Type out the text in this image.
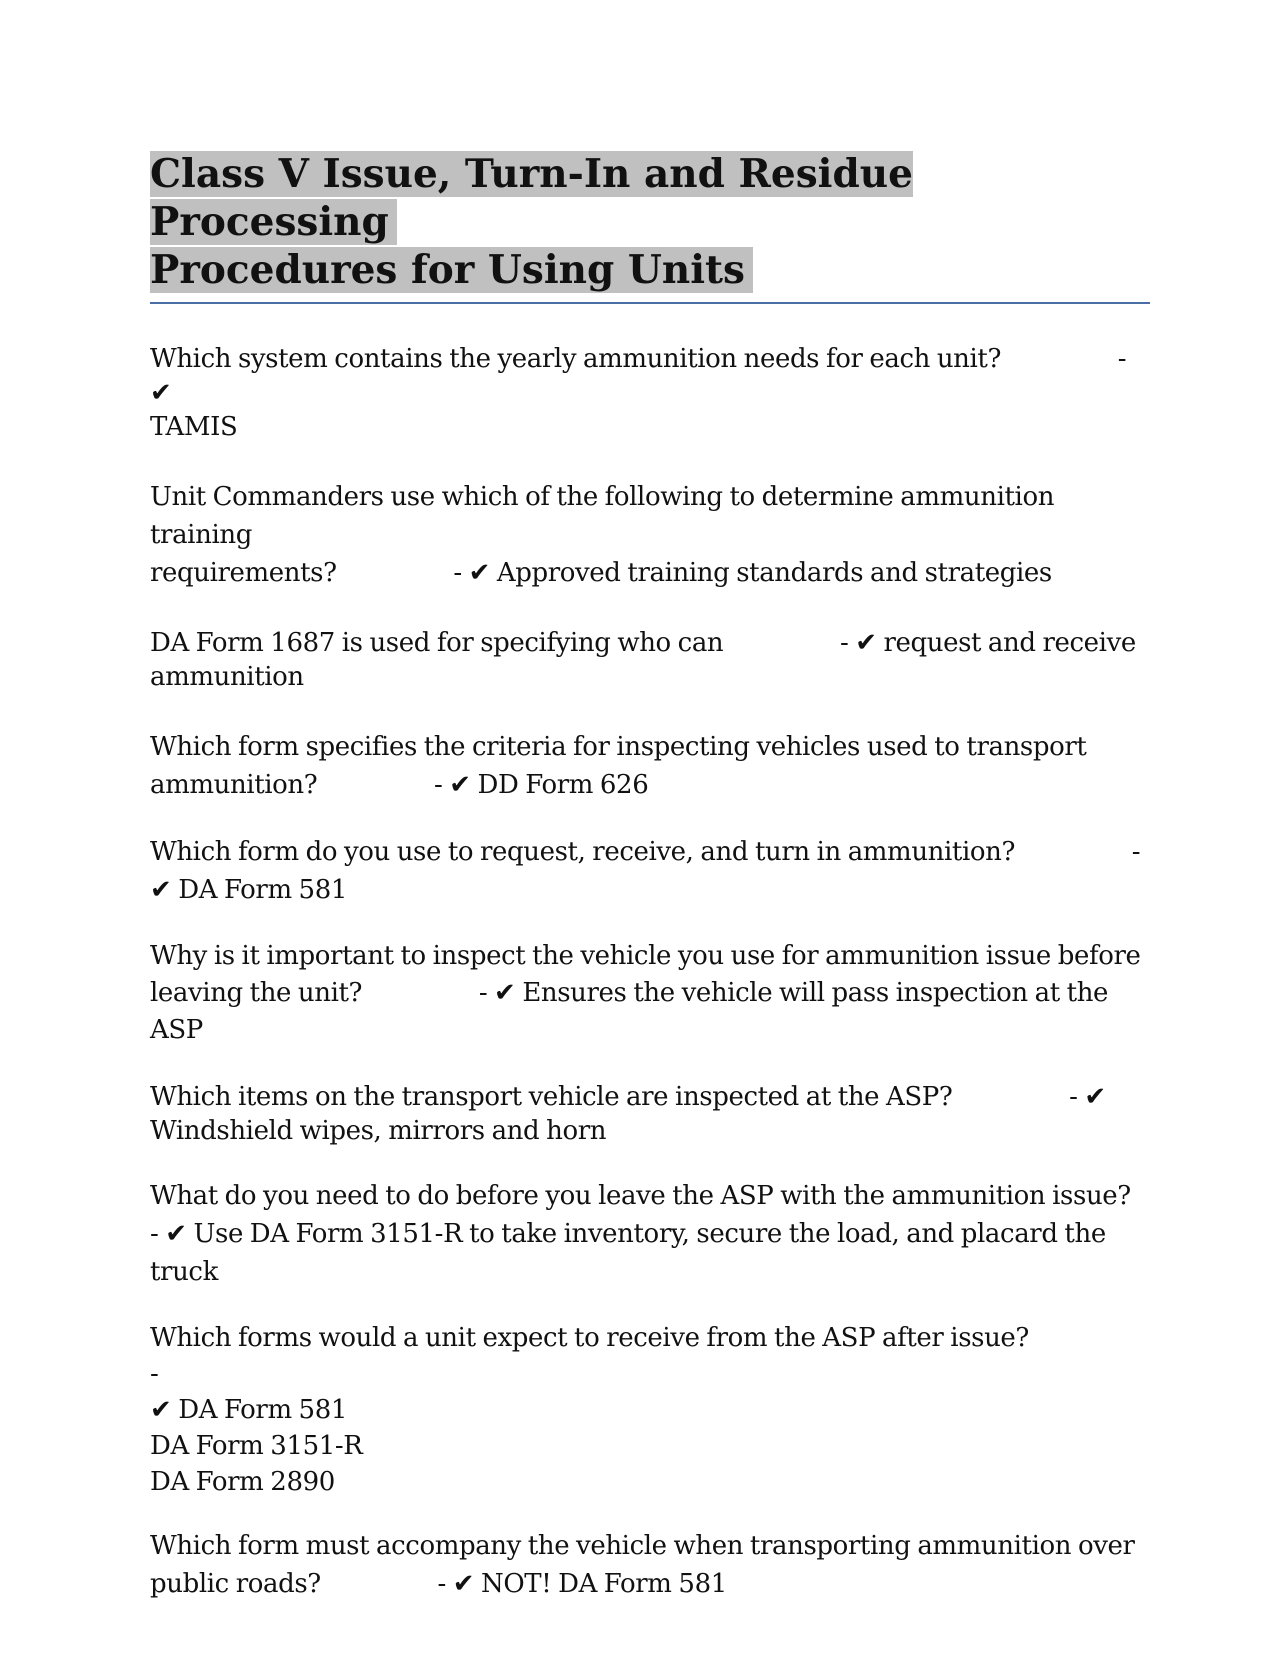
Class V Issue, Turn-In and Residue Processing
Procedures for Using Units

Which system contains the yearly ammunition needs for each unit?	- ✔
TAMIS

Unit Commanders use which of the following to determine ammunition training
requirements?	- ✔ Approved training standards and strategies

DA Form 1687 is used for specifying who can	- ✔ request and receive
ammunition

Which form specifies the criteria for inspecting vehicles used to transport
ammunition?                 - ✔ DD Form 626

Which form do you use to request, receive, and turn in ammunition?                 -
✔ DA Form 581

Why is it important to inspect the vehicle you use for ammunition issue before
leaving the unit?                 - ✔ Ensures the vehicle will pass inspection at the
ASP

Which items on the transport vehicle are inspected at the ASP?	- ✔
Windshield wipes, mirrors and horn

What do you need to do before you leave the ASP with the ammunition issue?
- ✔ Use DA Form 3151-R to take inventory, secure the load, and placard the truck

Which forms would a unit expect to receive from the ASP after issue?                 -
✔ DA Form 581
DA Form 3151-R
DA Form 2890

Which form must accompany the vehicle when transporting ammunition over
public roads?                 - ✔ NOT! DA Form 581
